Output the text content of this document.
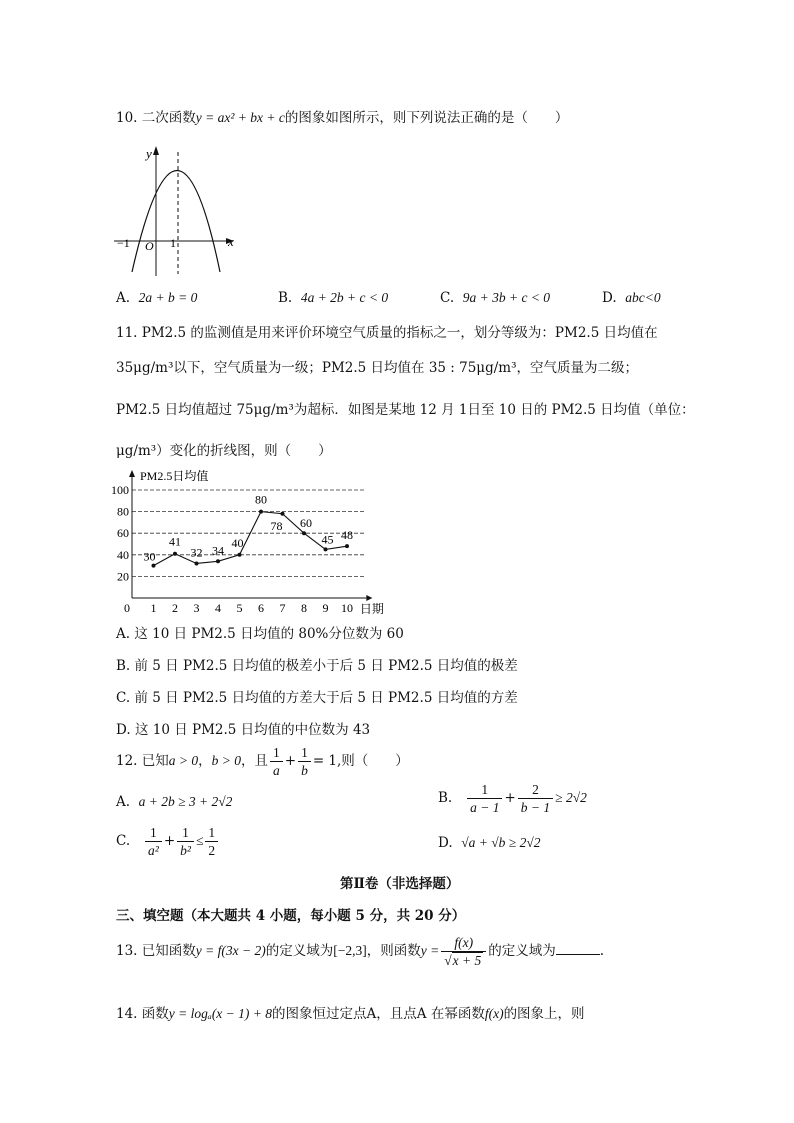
10. 二次函数y = ax² + bx + c的图象如图所示，则下列说法正确的是（　　）
y
x
O
−1	1
A. 2a + b = 0	B. 4a + 2b + c < 0	C. 9a + 3b + c < 0	D. abc<0
11. PM2.5 的监测值是用来评价环境空气质量的指标之一，划分等级为：PM2.5 日均值在
35μg/m³以下，空气质量为一级；PM2.5 日均值在 35 : 75μg/m³，空气质量为二级；
PM2.5 日均值超过 75μg/m³为超标．如图是某地 12 月 1日至 10 日的 PM2.5 日均值（单位：
μg/m³）变化的折线图，则（　　）
20
40
60
80
100
PM2.5日均值
0 1 2 3 4 5 6 7 8 9 10 日期
30
41
32 34
40
80
78 60
45 48
A. 这 10 日 PM2.5 日均值的 80%分位数为 60
B. 前 5 日 PM2.5 日均值的极差小于后 5 日 PM2.5 日均值的极差
C. 前 5 日 PM2.5 日均值的方差大于后 5 日 PM2.5 日均值的方差
D. 这 10 日 PM2.5 日均值的中位数为 43
12. 已知a > 0，b > 0，且 $\frac{1}{a} + \frac{1}{b} = 1$,则（　　）
A. a + 2b ≥ 3 + 2√2	B. $\frac{1}{a - 1} + \frac{2}{b - 1} \ge 2√2$
C. $\frac{1}{\text{a²}} + \frac{1}{\text{b²}} \le \frac{1}{2}$	D. √a + √b ≥ 2√2
第Ⅱ卷（非选择题）
三、填空题（本大题共 4 小题，每小题 5 分，共 20 分）
13. 已知函数y = f(3x − 2)的定义域为[−2,3]，则函数$y = \frac{f(x)}{√x + 5}$ 的定义域为	.
14. 函数y = logₐ(x − 1) + 8的图象恒过定点A，且点A 在幂函数f(x)的图象上，则
